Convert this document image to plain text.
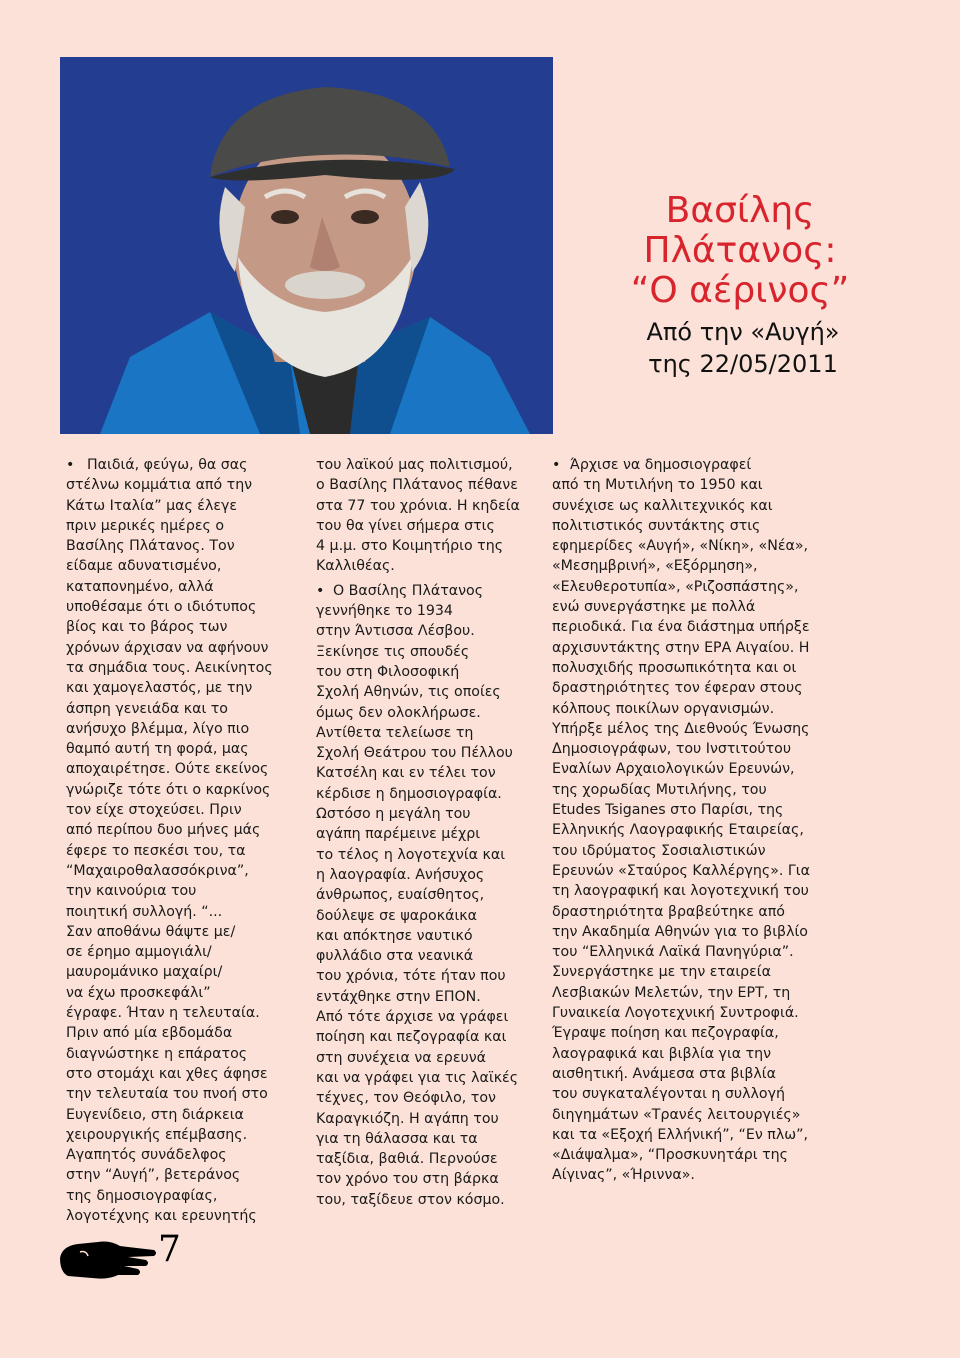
Βασίλης
Πλάτανος:
“Ο αέρινος”
Από την «Αυγή»
της 22/05/2011
• Παιδιά, φεύγω, θα σας
στέλνω κομμάτια από την
Κάτω Ιταλία” μας έλεγε
πριν μερικές ημέρες ο
Βασίλης Πλάτανος. Τον
είδαμε αδυνατισμένο,
καταπονημένο, αλλά
υποθέσαμε ότι ο ιδιότυπος
βίος και το βάρος των
χρόνων άρχισαν να αφήνουν
τα σημάδια τους. Αεικίνητος
και χαμογελαστός, με την
άσπρη γενειάδα και το
ανήσυχο βλέμμα, λίγο πιο
θαμπό αυτή τη φορά, μας
αποχαιρέτησε. Ούτε εκείνος
γνώριζε τότε ότι ο καρκίνος
τον είχε στοχεύσει. Πριν
από περίπου δυο μήνες μάς
έφερε το πεσκέσι του, τα
“Μαχαιροθαλασσόκρινα”,
την καινούρια του
ποιητική συλλογή. “...
Σαν αποθάνω θάψτε με/
σε έρημο αμμογιάλι/
μαυρομάνικο μαχαίρι/
να έχω προσκεφάλι”
έγραφε. Ήταν η τελευταία.
Πριν από μία εβδομάδα
διαγνώστηκε η επάρατος
στο στομάχι και χθες άφησε
την τελευταία του πνοή στο
Ευγενίδειο, στη διάρκεια
χειρουργικής επέμβασης.
Αγαπητός συνάδελφος
στην “Αυγή”, βετεράνος
της δημοσιογραφίας,
λογοτέχνης και ερευνητής
του λαϊκού μας πολιτισμού,
ο Βασίλης Πλάτανος πέθανε
στα 77 του χρόνια. Η κηδεία
του θα γίνει σήμερα στις
4 μ.μ. στο Κοιμητήριο της
Καλλιθέας.
• Ο Βασίλης Πλάτανος
γεννήθηκε το 1934
στην Άντισσα Λέσβου.
Ξεκίνησε τις σπουδές
του στη Φιλοσοφική
Σχολή Αθηνών, τις οποίες
όμως δεν ολοκλήρωσε.
Αντίθετα τελείωσε τη
Σχολή Θεάτρου του Πέλλου
Κατσέλη και εν τέλει τον
κέρδισε η δημοσιογραφία.
Ωστόσο η μεγάλη του
αγάπη παρέμεινε μέχρι
το τέλος η λογοτεχνία και
η λαογραφία. Ανήσυχος
άνθρωπος, ευαίσθητος,
δούλεψε σε ψαροκάικα
και απόκτησε ναυτικό
φυλλάδιο στα νεανικά
του χρόνια, τότε ήταν που
εντάχθηκε στην ΕΠΟΝ.
Από τότε άρχισε να γράφει
ποίηση και πεζογραφία και
στη συνέχεια να ερευνά
και να γράφει για τις λαϊκές
τέχνες, τον Θεόφιλο, τον
Καραγκιόζη. Η αγάπη του
για τη θάλασσα και τα
ταξίδια, βαθιά. Περνούσε
τον χρόνο του στη βάρκα
του, ταξίδευε στον κόσμο.
• Άρχισε να δημοσιογραφεί
από τη Μυτιλήνη το 1950 και
συνέχισε ως καλλιτεχνικός και
πολιτιστικός συντάκτης στις
εφημερίδες «Αυγή», «Νίκη», «Νέα»,
«Μεσημβρινή», «Εξόρμηση»,
«Ελευθεροτυπία», «Ριζοσπάστης»,
ενώ συνεργάστηκε με πολλά
περιοδικά. Για ένα διάστημα υπήρξε
αρχισυντάκτης στην ΕΡΑ Αιγαίου. Η
πολυσχιδής προσωπικότητα και οι
δραστηριότητες τον έφεραν στους
κόλπους ποικίλων οργανισμών.
Υπήρξε μέλος της Διεθνούς Ένωσης
Δημοσιογράφων, του Ινστιτούτου
Εναλίων Αρχαιολογικών Ερευνών,
της χορωδίας Μυτιλήνης, του
Etudes Tsiganes στο Παρίσι, της
Ελληνικής Λαογραφικής Εταιρείας,
του ιδρύματος Σοσιαλιστικών
Ερευνών «Σταύρος Καλλέργης». Για
τη λαογραφική και λογοτεχνική του
δραστηριότητα βραβεύτηκε από
την Ακαδημία Αθηνών για το βιβλίο
του “Ελληνικά Λαϊκά Πανηγύρια”.
Συνεργάστηκε με την εταιρεία
Λεσβιακών Μελετών, την ΕΡΤ, τη
Γυναικεία Λογοτεχνική Συντροφιά.
Έγραψε ποίηση και πεζογραφία,
λαογραφικά και βιβλία για την
αισθητική. Ανάμεσα στα βιβλία
του συγκαταλέγονται η συλλογή
διηγημάτων «Τρανές λειτουργιές»
και τα «Εξοχή Ελλήνική”, “Εν πλω”,
«Διάψαλμα», “Προσκυνητάρι της
Αίγινας”, «Ήριννα».
7
